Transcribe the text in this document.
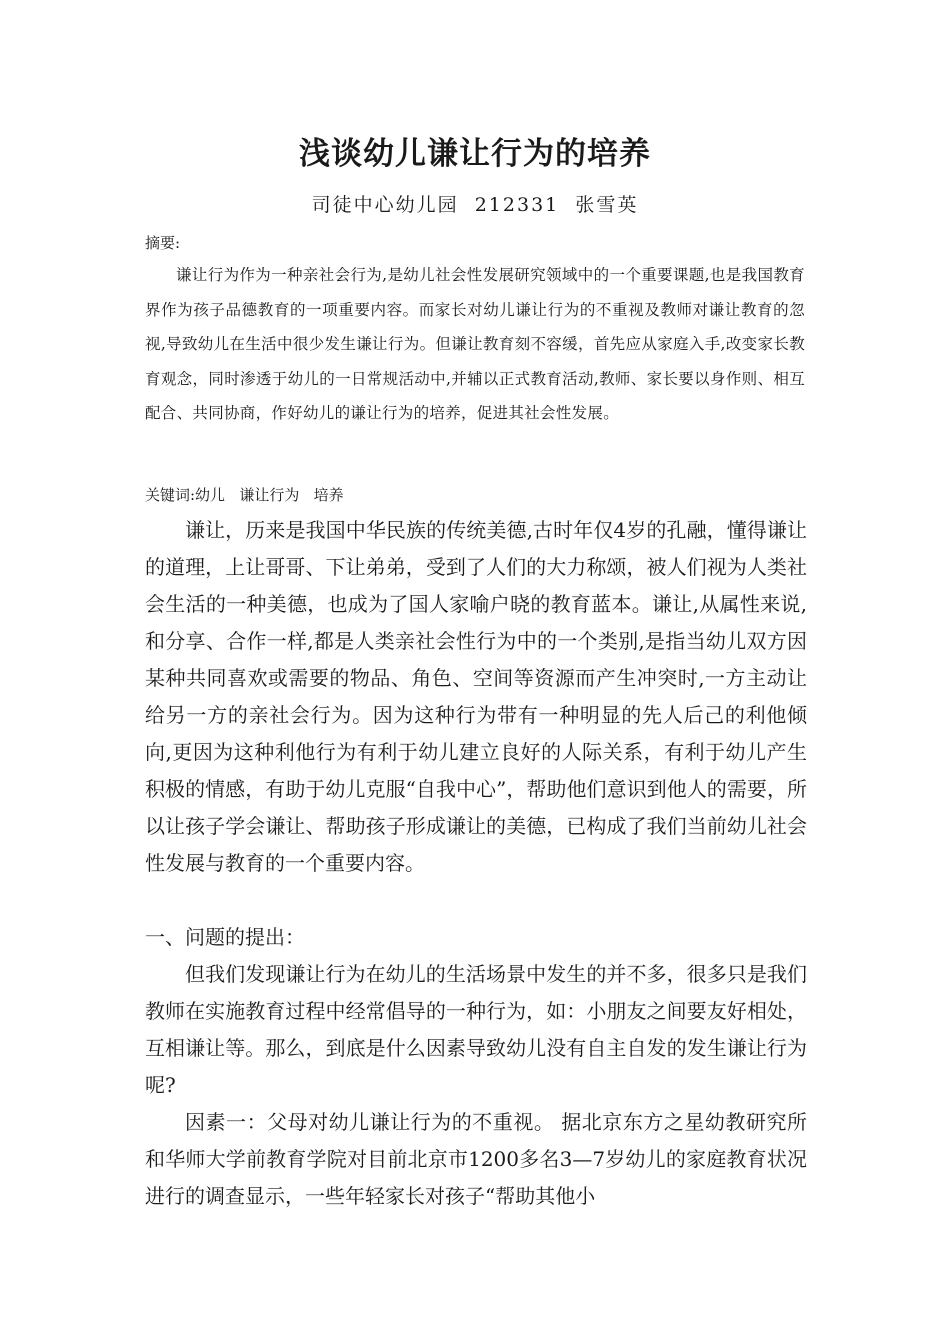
浅谈幼儿谦让行为的培养
司徒中心幼儿园  212331  张雪英
摘要:
谦让行为作为一种亲社会行为,是幼儿社会性发展研究领域中的一个重要课题,也是我国教育界作为孩子品德教育的一项重要内容。而家长对幼儿谦让行为的不重视及教师对谦让教育的忽视,导致幼儿在生活中很少发生谦让行为。但谦让教育刻不容缓，首先应从家庭入手,改变家长教育观念，同时渗透于幼儿的一日常规活动中,并辅以正式教育活动,教师、家长要以身作则、相互配合、共同协商，作好幼儿的谦让行为的培养，促进其社会性发展。
关键词:幼儿   谦让行为   培养

谦让，历来是我国中华民族的传统美德,古时年仅4岁的孔融，懂得谦让的道理，上让哥哥、下让弟弟，受到了人们的大力称颂，被人们视为人类社会生活的一种美德，也成为了国人家喻户晓的教育蓝本。谦让,从属性来说,和分享、合作一样,都是人类亲社会性行为中的一个类别,是指当幼儿双方因某种共同喜欢或需要的物品、角色、空间等资源而产生冲突时,一方主动让给另一方的亲社会行为。因为这种行为带有一种明显的先人后己的利他倾向,更因为这种利他行为有利于幼儿建立良好的人际关系，有利于幼儿产生积极的情感，有助于幼儿克服“自我中心”，帮助他们意识到他人的需要，所以让孩子学会谦让、帮助孩子形成谦让的美德，已构成了我们当前幼儿社会性发展与教育的一个重要内容。

一、问题的提出：

但我们发现谦让行为在幼儿的生活场景中发生的并不多，很多只是我们教师在实施教育过程中经常倡导的一种行为，如：小朋友之间要友好相处，互相谦让等。那么，到底是什么因素导致幼儿没有自主自发的发生谦让行为呢?

因素一：父母对幼儿谦让行为的不重视。 据北京东方之星幼教研究所和华师大学前教育学院对目前北京市1200多名3—7岁幼儿的家庭教育状况进行的调查显示，一些年轻家长对孩子“帮助其他小
